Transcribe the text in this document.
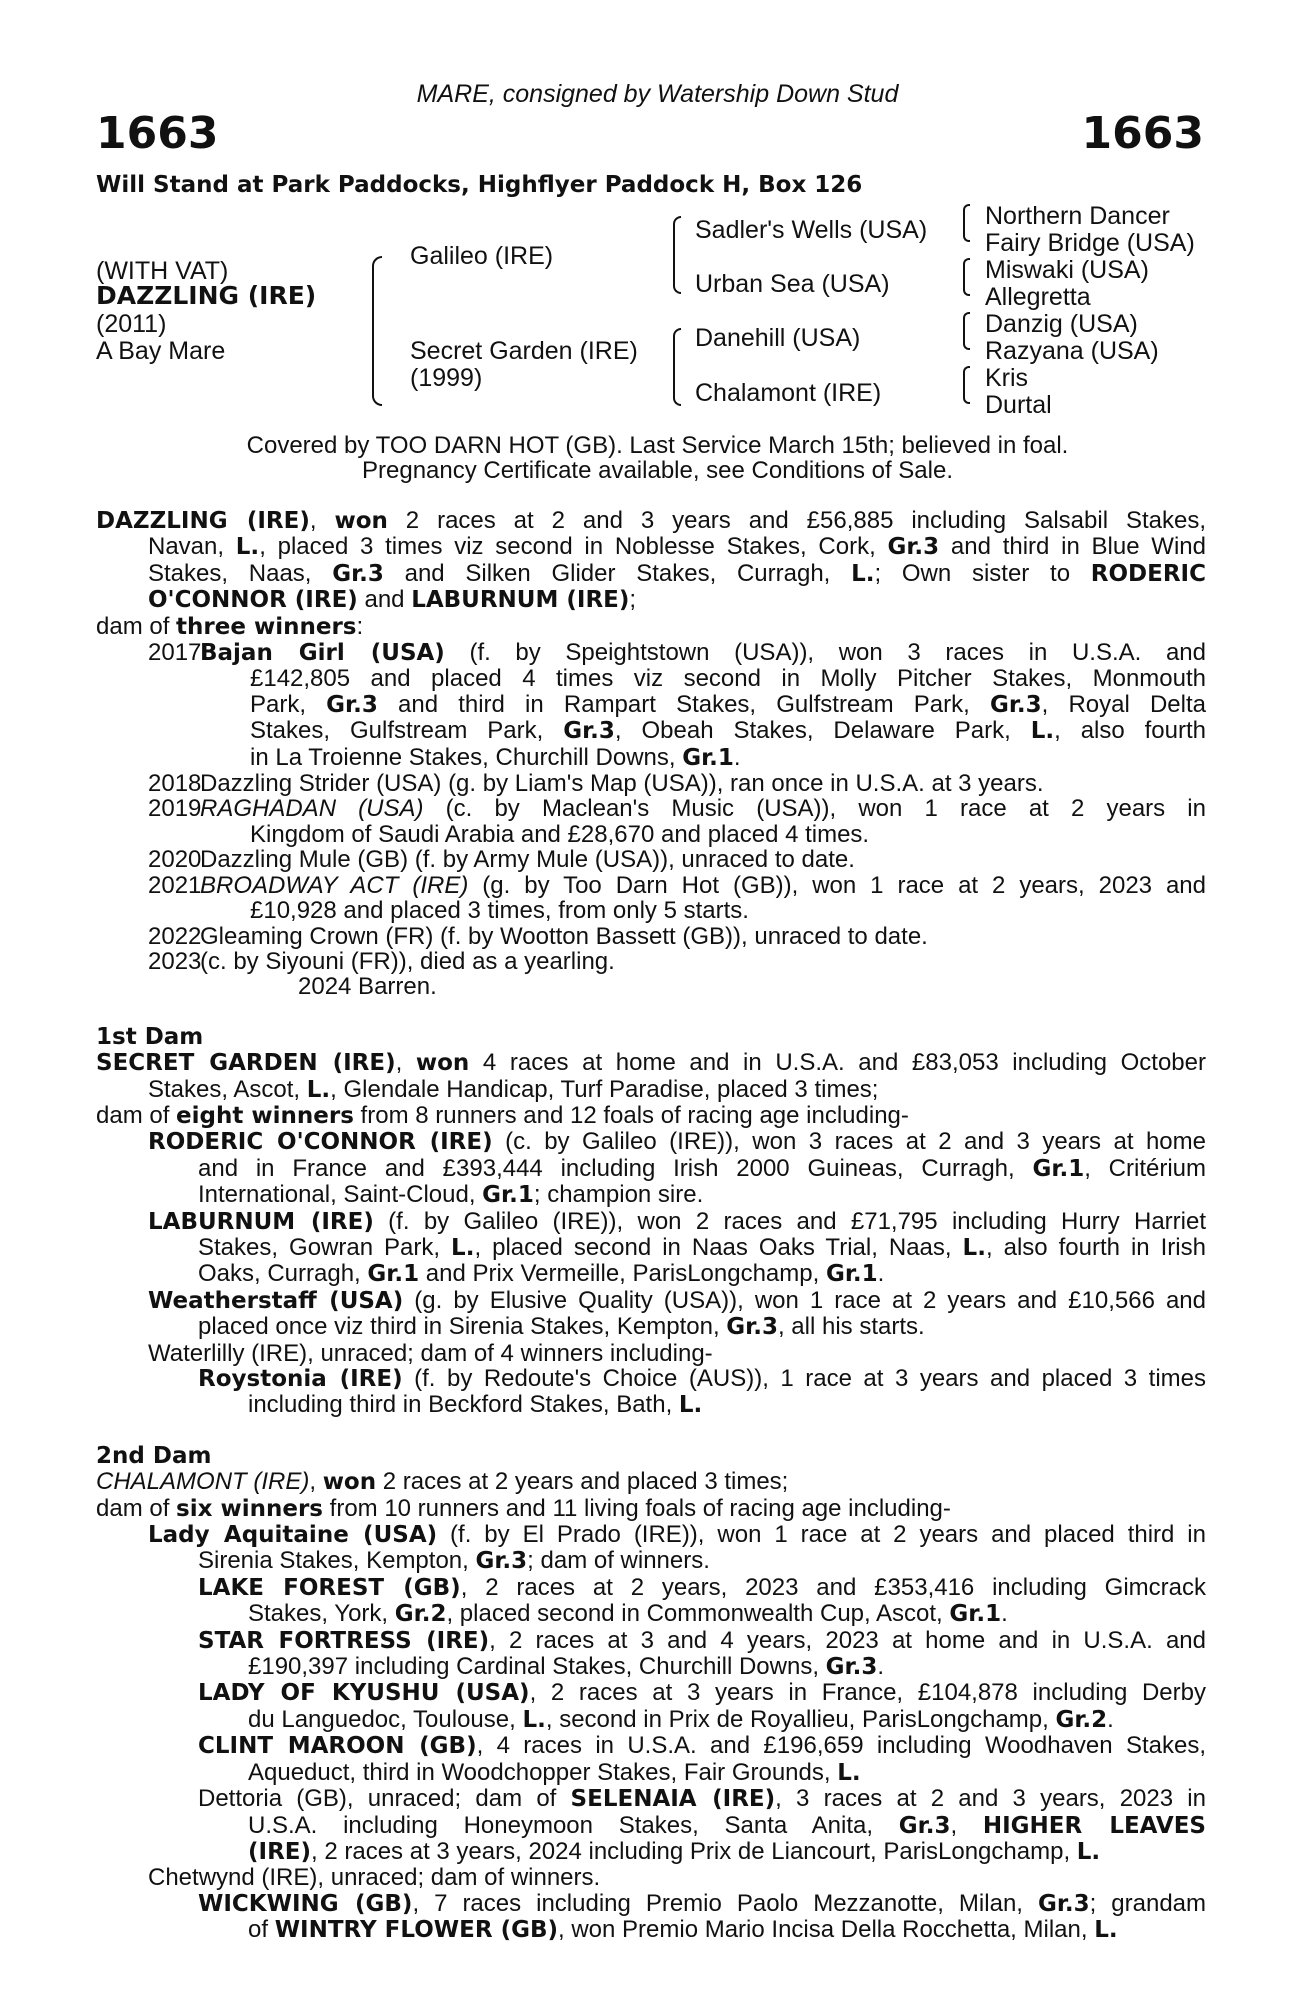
MARE, consigned by Watership Down Stud
1663	1663
Will Stand at Park Paddocks, Highflyer Paddock H, Box 126
(WITH VAT)
DAZZLING (IRE)
(2011)
A Bay Mare
Galileo (IRE)
Secret Garden (IRE)
(1999)
Sadler's Wells (USA)
Urban Sea (USA)
Danehill (USA)
Chalamont (IRE)
Northern Dancer
Fairy Bridge (USA)
Miswaki (USA)
Allegretta
Danzig (USA)
Razyana (USA)
Kris
Durtal
Covered by TOO DARN HOT (GB). Last Service March 15th; believed in foal.
Pregnancy Certificate available, see Conditions of Sale.

DAZZLING (IRE), won 2 races at 2 and 3 years and £56,885 including Salsabil Stakes,

Navan, L., placed 3 times viz second in Noblesse Stakes, Cork, Gr.3 and third in Blue Wind

Stakes, Naas, Gr.3 and Silken Glider Stakes, Curragh, L.; Own sister to RODERIC

O'CONNOR (IRE) and LABURNUM (IRE);

dam of three winners:

2017

Bajan Girl (USA) (f. by Speightstown (USA)), won 3 races in U.S.A. and

£142,805 and placed 4 times viz second in Molly Pitcher Stakes, Monmouth

Park, Gr.3 and third in Rampart Stakes, Gulfstream Park, Gr.3, Royal Delta

Stakes, Gulfstream Park, Gr.3, Obeah Stakes, Delaware Park, L., also fourth

in La Troienne Stakes, Churchill Downs, Gr.1.

2018

Dazzling Strider (USA) (g. by Liam's Map (USA)), ran once in U.S.A. at 3 years.

2019

RAGHADAN (USA) (c. by Maclean's Music (USA)), won 1 race at 2 years in

Kingdom of Saudi Arabia and £28,670 and placed 4 times.

2020

Dazzling Mule (GB) (f. by Army Mule (USA)), unraced to date.

2021

BROADWAY ACT (IRE) (g. by Too Darn Hot (GB)), won 1 race at 2 years, 2023 and

£10,928 and placed 3 times, from only 5 starts.

2022

Gleaming Crown (FR) (f. by Wootton Bassett (GB)), unraced to date.

2023

(c. by Siyouni (FR)), died as a yearling.

2024 Barren.

1st Dam

SECRET GARDEN (IRE), won 4 races at home and in U.S.A. and £83,053 including October

Stakes, Ascot, L., Glendale Handicap, Turf Paradise, placed 3 times;

dam of eight winners from 8 runners and 12 foals of racing age including-

RODERIC O'CONNOR (IRE) (c. by Galileo (IRE)), won 3 races at 2 and 3 years at home

and in France and £393,444 including Irish 2000 Guineas, Curragh, Gr.1, Critérium

International, Saint-Cloud, Gr.1; champion sire.

LABURNUM (IRE) (f. by Galileo (IRE)), won 2 races and £71,795 including Hurry Harriet

Stakes, Gowran Park, L., placed second in Naas Oaks Trial, Naas, L., also fourth in Irish

Oaks, Curragh, Gr.1 and Prix Vermeille, ParisLongchamp, Gr.1.

Weatherstaff (USA) (g. by Elusive Quality (USA)), won 1 race at 2 years and £10,566 and

placed once viz third in Sirenia Stakes, Kempton, Gr.3, all his starts.

Waterlilly (IRE), unraced; dam of 4 winners including-

Roystonia (IRE) (f. by Redoute's Choice (AUS)), 1 race at 3 years and placed 3 times

including third in Beckford Stakes, Bath, L.

2nd Dam

CHALAMONT (IRE), won 2 races at 2 years and placed 3 times;

dam of six winners from 10 runners and 11 living foals of racing age including-

Lady Aquitaine (USA) (f. by El Prado (IRE)), won 1 race at 2 years and placed third in

Sirenia Stakes, Kempton, Gr.3; dam of winners.

LAKE FOREST (GB), 2 races at 2 years, 2023 and £353,416 including Gimcrack

Stakes, York, Gr.2, placed second in Commonwealth Cup, Ascot, Gr.1.

STAR FORTRESS (IRE), 2 races at 3 and 4 years, 2023 at home and in U.S.A. and

£190,397 including Cardinal Stakes, Churchill Downs, Gr.3.

LADY OF KYUSHU (USA), 2 races at 3 years in France, £104,878 including Derby

du Languedoc, Toulouse, L., second in Prix de Royallieu, ParisLongchamp, Gr.2.

CLINT MAROON (GB), 4 races in U.S.A. and £196,659 including Woodhaven Stakes,

Aqueduct, third in Woodchopper Stakes, Fair Grounds, L.

Dettoria (GB), unraced; dam of SELENAIA (IRE), 3 races at 2 and 3 years, 2023 in

U.S.A. including Honeymoon Stakes, Santa Anita, Gr.3, HIGHER LEAVES

(IRE), 2 races at 3 years, 2024 including Prix de Liancourt, ParisLongchamp, L.

Chetwynd (IRE), unraced; dam of winners.

WICKWING (GB), 7 races including Premio Paolo Mezzanotte, Milan, Gr.3; grandam

of WINTRY FLOWER (GB), won Premio Mario Incisa Della Rocchetta, Milan, L.
